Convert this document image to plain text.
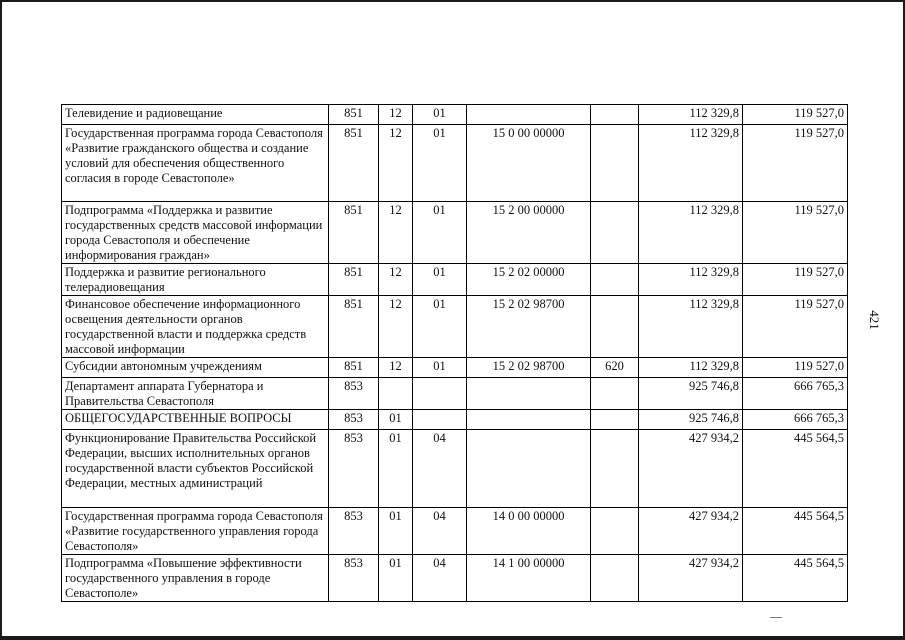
Телевидение и радиовещание	851	12	01			112 329,8	119 527,0
Государственная программа города Севастополя «Развитие гражданского общества и создание условий для обеспечения общественного согласия в городе Севастополе»	851	12	01	15 0 00 00000		112 329,8	119 527,0
Подпрограмма «Поддержка и развитие государственных средств массовой информации города Севастополя и обеспечение информирования граждан»	851	12	01	15 2 00 00000		112 329,8	119 527,0
Поддержка и развитие регионального телерадиовещания	851	12	01	15 2 02 00000		112 329,8	119 527,0
Финансовое обеспечение информационного освещения деятельности органов государственной власти и поддержка средств массовой информации	851	12	01	15 2 02 98700		112 329,8	119 527,0
Субсидии автономным учреждениям	851	12	01	15 2 02 98700	620	112 329,8	119 527,0
Департамент аппарата Губернатора и Правительства Севастополя	853					925 746,8	666 765,3
ОБЩЕГОСУДАРСТВЕННЫЕ ВОПРОСЫ	853	01				925 746,8	666 765,3
Функционирование Правительства Российской Федерации, высших исполнительных органов государственной власти субъектов Российской Федерации, местных администраций	853	01	04			427 934,2	445 564,5
Государственная программа города Севастополя «Развитие государственного управления города Севастополя»	853	01	04	14 0 00 00000		427 934,2	445 564,5
Подпрограмма «Повышение эффективности государственного управления в городе Севастополе»	853	01	04	14 1 00 00000		427 934,2	445 564,5
421
